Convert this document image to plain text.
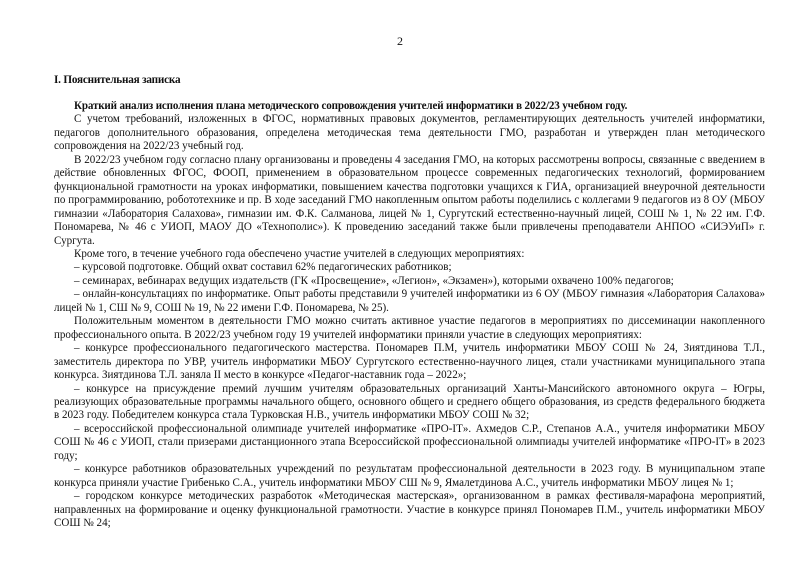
2
I. Пояснительная записка

Краткий анализ исполнения плана методического сопровождения учителей информатики в 2022/23 учебном году.

С учетом требований, изложенных в ФГОС, нормативных правовых документов, регламентирующих деятельность учителей информатики, педагогов дополнительного образования, определена методическая тема деятельности ГМО, разработан и утвержден план методического сопровождения на 2022/23 учебный год.

В 2022/23 учебном году согласно плану организованы и проведены 4 заседания ГМО, на которых рассмотрены вопросы, связанные с введением в действие обновленных ФГОС, ФООП, применением в образовательном процессе современных педагогических технологий, формированием функциональной грамотности на уроках информатики, повышением качества подготовки учащихся к ГИА, организацией внеурочной деятельности по программированию, робототехнике и пр. В ходе заседаний ГМО накопленным опытом работы поделились с коллегами 9 педагогов из 8 ОУ (МБОУ гимназии «Лаборатория Салахова», гимназии им. Ф.К. Салманова, лицей № 1, Сургутский естественно-научный лицей, СОШ № 1, № 22 им. Г.Ф. Пономарева, № 46 с УИОП, МАОУ ДО «Технополис»). К проведению заседаний также были привлечены преподаватели АНПОО «СИЭУиП» г. Сургута.

Кроме того, в течение учебного года обеспечено участие учителей в следующих мероприятиях:

– курсовой подготовке. Общий охват составил 62% педагогических работников;

– семинарах, вебинарах ведущих издательств (ГК «Просвещение», «Легион», «Экзамен»), которыми охвачено 100% педагогов;

– онлайн-консультациях по информатике. Опыт работы представили 9 учителей информатики из 6 ОУ (МБОУ гимназия «Лаборатория Салахова» лицей № 1, СШ № 9, СОШ № 19, № 22 имени Г.Ф. Пономарева, № 25).

Положительным моментом в деятельности ГМО можно считать активное участие педагогов в мероприятиях по диссеминации накопленного профессионального опыта. В 2022/23 учебном году 19 учителей информатики приняли участие в следующих мероприятиях:

– конкурсе профессионального педагогического мастерства. Пономарев П.М, учитель информатики МБОУ СОШ № 24, Зиятдинова Т.Л., заместитель директора по УВР, учитель информатики МБОУ Сургутского естественно-научного лицея, стали участниками муниципального этапа конкурса. Зиятдинова Т.Л. заняла II место в конкурсе «Педагог-наставник года – 2022»;

– конкурсе на присуждение премий лучшим учителям образовательных организаций Ханты-Мансийского автономного округа – Югры, реализующих образовательные программы начального общего, основного общего и среднего общего образования, из средств федерального бюджета в 2023 году. Победителем конкурса стала Турковская Н.В., учитель информатики МБОУ СОШ № 32;

– всероссийской профессиональной олимпиаде учителей информатике «ПРО-IT». Ахмедов С.Р., Степанов А.А., учителя информатики МБОУ СОШ № 46 с УИОП, стали призерами дистанционного этапа Всероссийской профессиональной олимпиады учителей информатике «ПРО-IT» в 2023 году;

– конкурсе работников образовательных учреждений по результатам профессиональной деятельности в 2023 году. В муниципальном этапе конкурса приняли участие Грибенько С.А., учитель информатики МБОУ СШ № 9, Ямалетдинова А.С., учитель информатики МБОУ лицея № 1;

– городском конкурсе методических разработок «Методическая мастерская», организованном в рамках фестиваля-марафона мероприятий, направленных на формирование и оценку функциональной грамотности. Участие в конкурсе принял Пономарев П.М., учитель информатики МБОУ СОШ № 24;
